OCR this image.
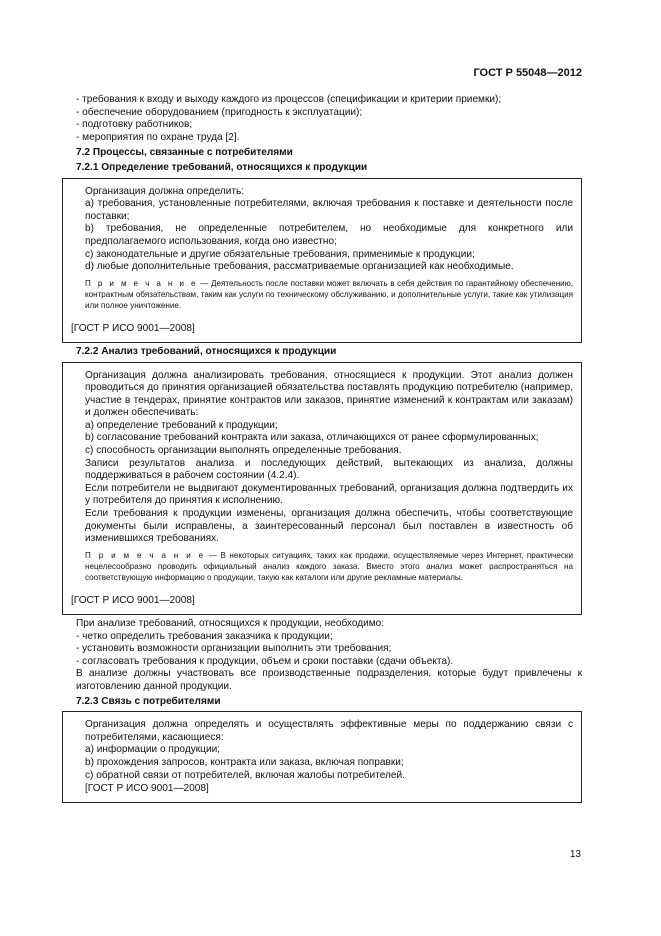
ГОСТ Р 55048—2012

- требования к входу и выходу каждого из процессов (спецификации и критерии приемки);

- обеспечение оборудованием (пригодность к эксплуатации);

- подготовку работников;

- мероприятия по охране труда [2].

7.2 Процессы, связанные с потребителями

7.2.1 Определение требований, относящихся к продукции

Организация должна определить:

a) требования, установленные потребителями, включая требования к поставке и деятельности после поставки;

b) требования, не определенные потребителем, но необходимые для конкретного или предполагаемого использования, когда оно известно;

c) законодательные и другие обязательные требования, применимые к продукции;

d) любые дополнительные требования, рассматриваемые организацией как необходимые.

П р и м е ч а н и е — Деятельность после поставки может включать в себя действия по гарантийному обеспечению, контрактным обязательствам, таким как услуги по техническому обслуживанию, и дополнительные услуги, такие как утилизация или полное уничтожение.

[ГОСТ Р ИСО 9001—2008]

7.2.2 Анализ требований, относящихся к продукции

Организация должна анализировать требования, относящиеся к продукции. Этот анализ должен проводиться до принятия организацией обязательства поставлять продукцию потребителю (например, участие в тендерах, принятие контрактов или заказов, принятие изменений к контрактам или заказам) и должен обеспечивать:

a) определение требований к продукции;

b) согласование требований контракта или заказа, отличающихся от ранее сформулированных;

c) способность организации выполнять определенные требования.

Записи результатов анализа и последующих действий, вытекающих из анализа, должны поддерживаться в рабочем состоянии (4.2.4).

Если потребители не выдвигают документированных требований, организация должна подтвердить их у потребителя до принятия к исполнению.

Если требования к продукции изменены, организация должна обеспечить, чтобы соответствующие документы были исправлены, а заинтересованный персонал был поставлен в известность об изменившихся требованиях.

П р и м е ч а н и е — В некоторых ситуациях, таких как продажи, осуществляемые через Интернет, практически нецелесообразно проводить официальный анализ каждого заказа. Вместо этого анализ может распространяться на соответствующую информацию о продукции, такую как каталоги или другие рекламные материалы.

[ГОСТ Р ИСО 9001—2008]

При анализе требований, относящихся к продукции, необходимо:

- четко определить требования заказчика к продукции;

- установить возможности организации выполнить эти требования;

- согласовать требования к продукции, объем и сроки поставки (сдачи объекта).

В анализе должны участвовать все производственные подразделения, которые будут привлечены к изготовлению данной продукции.

7.2.3 Связь с потребителями

Организация должна определять и осуществлять эффективные меры по поддержанию связи с потребителями, касающиеся:

a) информации о продукции;

b) прохождения запросов, контракта или заказа, включая поправки;

c) обратной связи от потребителей, включая жалобы потребителей.

[ГОСТ Р ИСО 9001—2008]

13
